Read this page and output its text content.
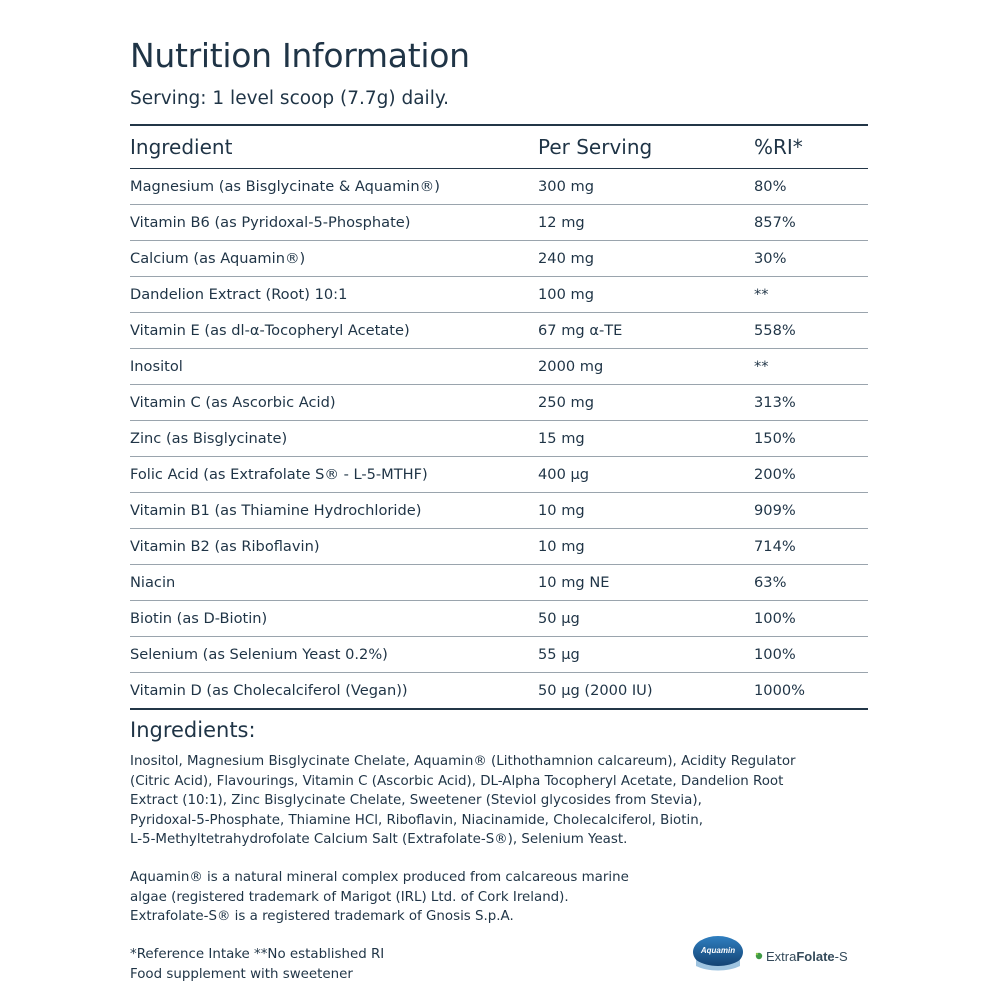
Nutrition Information
Serving: 1 level scoop (7.7g) daily.
Ingredient	Per Serving	%RI*
Magnesium (as Bisglycinate & Aquamin®)	300 mg	80%
Vitamin B6 (as Pyridoxal-5-Phosphate)	12 mg	857%
Calcium (as Aquamin®)	240 mg	30%
Dandelion Extract (Root) 10:1	100 mg	**
Vitamin E (as dl-α-Tocopheryl Acetate)	67 mg α-TE	558%
Inositol	2000 mg	**
Vitamin C (as Ascorbic Acid)	250 mg	313%
Zinc (as Bisglycinate)	15 mg	150%
Folic Acid (as Extrafolate S® - L-5-MTHF)	400 µg	200%
Vitamin B1 (as Thiamine Hydrochloride)	10 mg	909%
Vitamin B2 (as Riboflavin)	10 mg	714%
Niacin	10 mg NE	63%
Biotin (as D-Biotin)	50 µg	100%
Selenium (as Selenium Yeast 0.2%)	55 µg	100%
Vitamin D (as Cholecalciferol (Vegan))	50 µg (2000 IU)	1000%
Ingredients:
Inositol, Magnesium Bisglycinate Chelate, Aquamin® (Lithothamnion calcareum), Acidity Regulator
(Citric Acid), Flavourings, Vitamin C (Ascorbic Acid), DL-Alpha Tocopheryl Acetate, Dandelion Root
Extract (10:1), Zinc Bisglycinate Chelate, Sweetener (Steviol glycosides from Stevia),
Pyridoxal-5-Phosphate, Thiamine HCl, Riboflavin, Niacinamide, Cholecalciferol, Biotin,
L-5-Methyltetrahydrofolate Calcium Salt (Extrafolate-S®), Selenium Yeast.
Aquamin® is a natural mineral complex produced from calcareous marine
algae (registered trademark of Marigot (IRL) Ltd. of Cork Ireland).
Extrafolate-S® is a registered trademark of Gnosis S.p.A.
*Reference Intake **No established RI
Food supplement with sweetener
Aquamin ExtraFolate-S
